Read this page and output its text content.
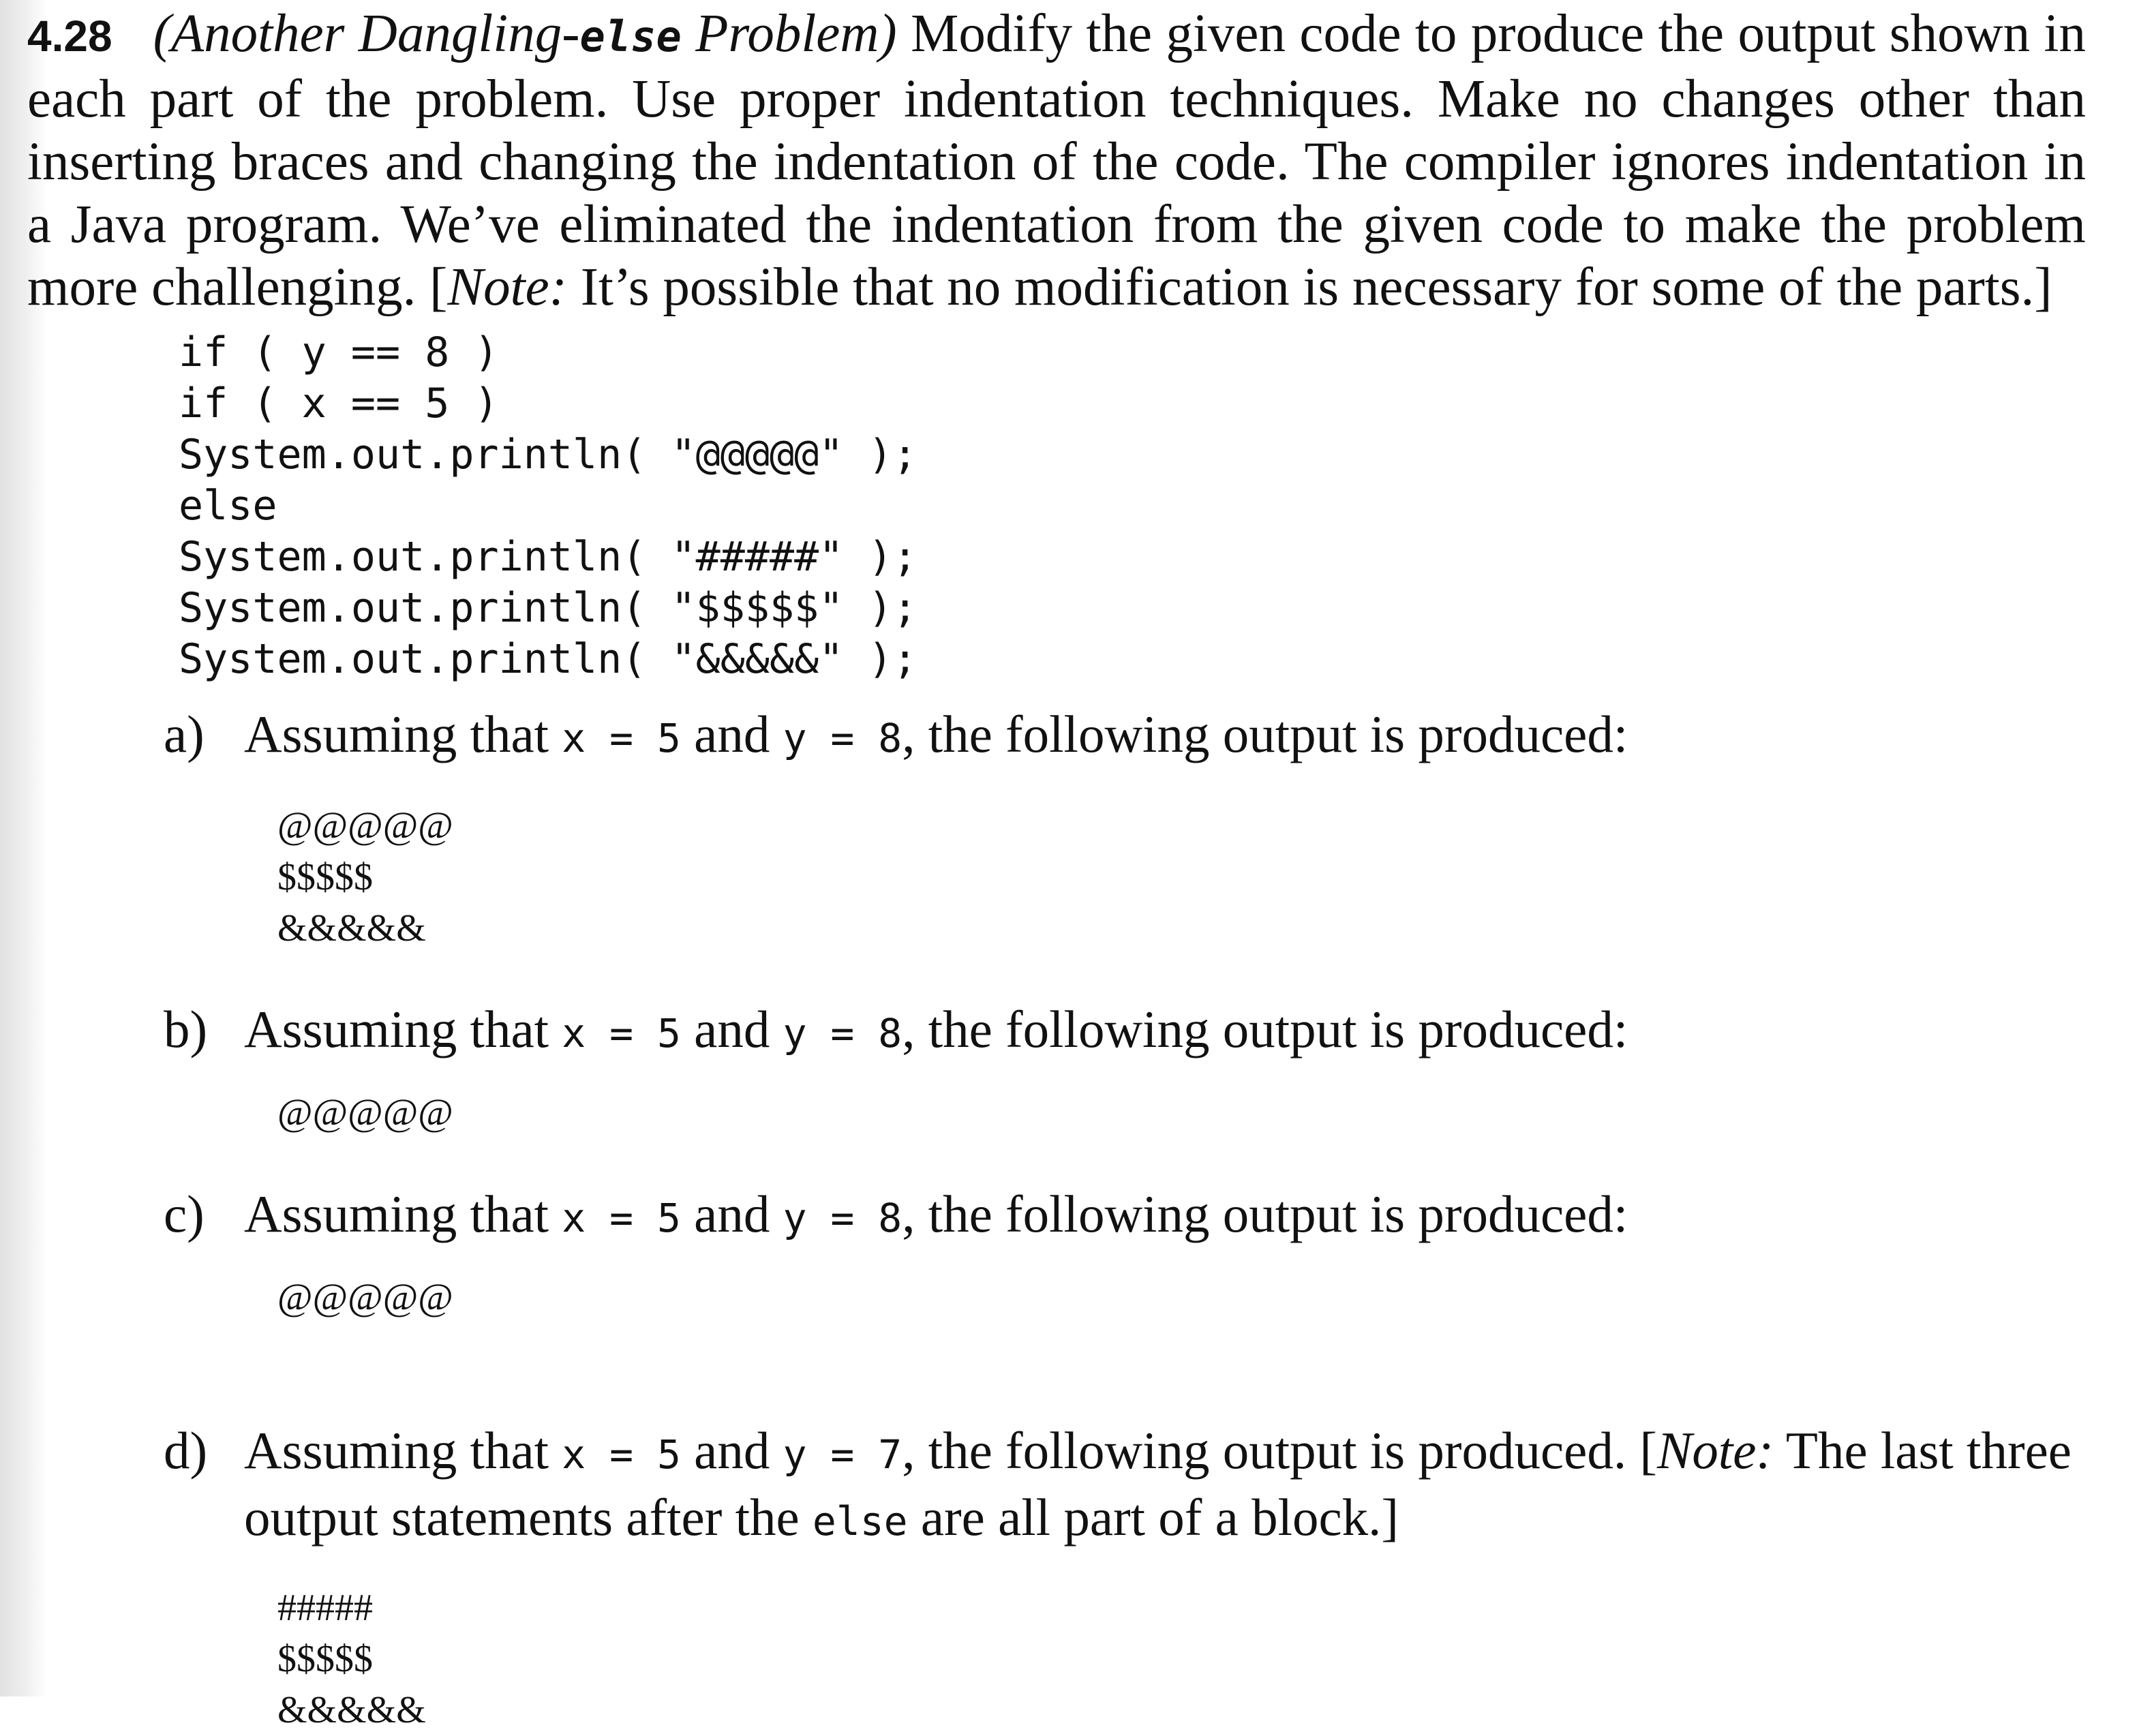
4.28 (Another Dangling-else Problem) Modify the given code to produce the output shown in each part of the problem. Use proper indentation techniques. Make no changes other than inserting braces and changing the indentation of the code. The compiler ignores indentation in a Java program. We’ve eliminated the indentation from the given code to make the problem more challenging. [Note: It’s possible that no modification is necessary for some of the parts.]

if ( y == 8 )
if ( x == 5 )
System.out.println( "@@@@@" );
else
System.out.println( "#####" );
System.out.println( "$$$$$" );
System.out.println( "&&&&&" );
a) Assuming that x = 5 and y = 8, the following output is produced:
@@@@@
$$$$$
&&&&&
b) Assuming that x = 5 and y = 8, the following output is produced:
@@@@@
c) Assuming that x = 5 and y = 8, the following output is produced:
@@@@@
d) Assuming that x = 5 and y = 7, the following output is produced. [Note: The last three output statements after the else are all part of a block.]
#####
$$$$$
&&&&&
